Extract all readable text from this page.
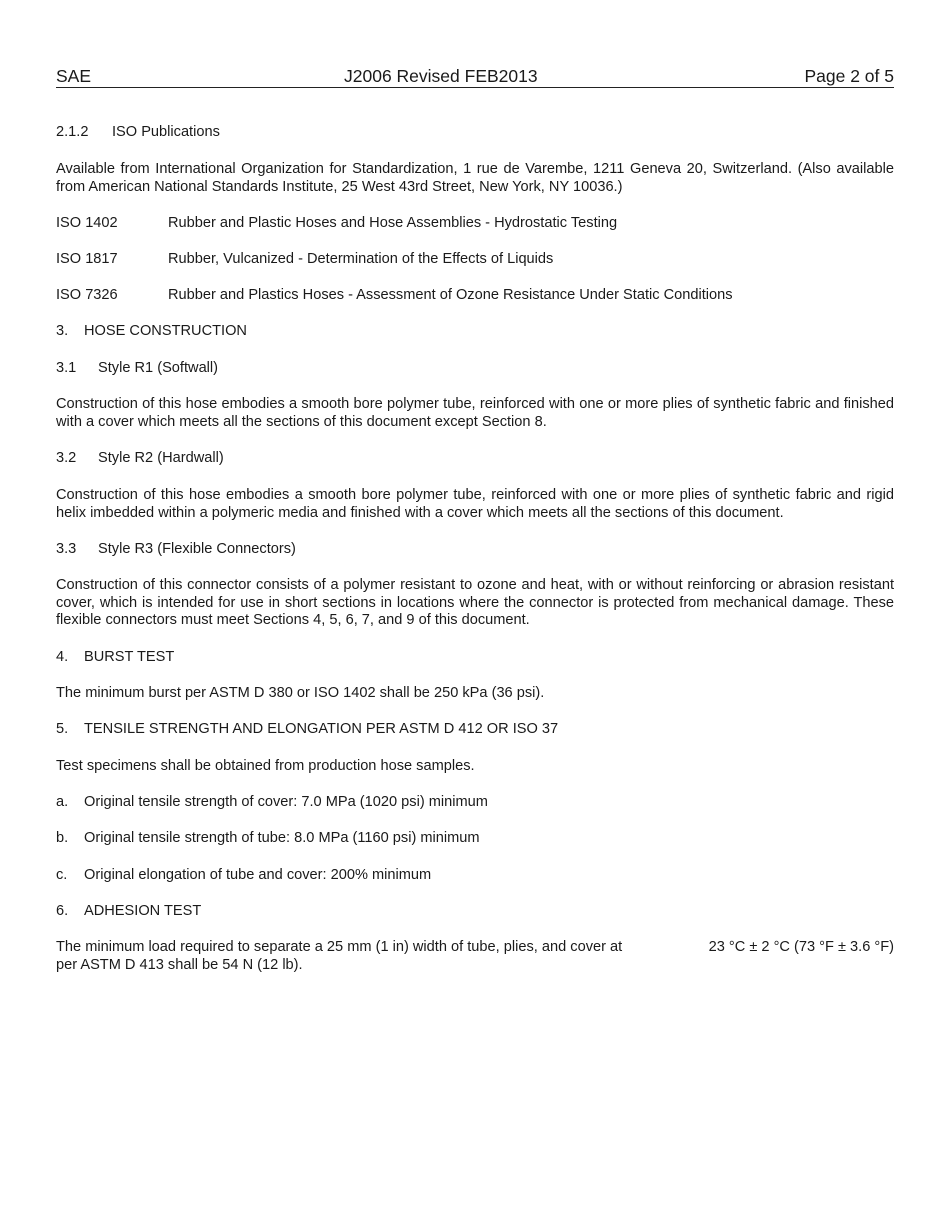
SAE	J2006 Revised FEB2013	Page 2 of 5
2.1.2 ISO Publications
Available from International Organization for Standardization, 1 rue de Varembe, 1211 Geneva 20, Switzerland. (Also available from American National Standards Institute, 25 West 43rd Street, New York, NY 10036.)
ISO 1402	Rubber and Plastic Hoses and Hose Assemblies - Hydrostatic Testing
ISO 1817	Rubber, Vulcanized - Determination of the Effects of Liquids
ISO 7326	Rubber and Plastics Hoses - Assessment of Ozone Resistance Under Static Conditions
3. HOSE CONSTRUCTION
3.1 Style R1 (Softwall)
Construction of this hose embodies a smooth bore polymer tube, reinforced with one or more plies of synthetic fabric and finished with a cover which meets all the sections of this document except Section 8.
3.2 Style R2 (Hardwall)
Construction of this hose embodies a smooth bore polymer tube, reinforced with one or more plies of synthetic fabric and rigid helix imbedded within a polymeric media and finished with a cover which meets all the sections of this document.
3.3 Style R3 (Flexible Connectors)
Construction of this connector consists of a polymer resistant to ozone and heat, with or without reinforcing or abrasion resistant cover, which is intended for use in short sections in locations where the connector is protected from mechanical damage. These flexible connectors must meet Sections 4, 5, 6, 7, and 9 of this document.
4. BURST TEST
The minimum burst per ASTM D 380 or ISO 1402 shall be 250 kPa (36 psi).
5. TENSILE STRENGTH AND ELONGATION PER ASTM D 412 OR ISO 37
Test specimens shall be obtained from production hose samples.
a. Original tensile strength of cover: 7.0 MPa (1020 psi) minimum
b. Original tensile strength of tube: 8.0 MPa (1160 psi) minimum
c. Original elongation of tube and cover: 200% minimum
6. ADHESION TEST
The minimum load required to separate a 25 mm (1 in) width of tube, plies, and cover at	23 °C ± 2 °C (73 °F ± 3.6 °F)
per ASTM D 413 shall be 54 N (12 lb).
